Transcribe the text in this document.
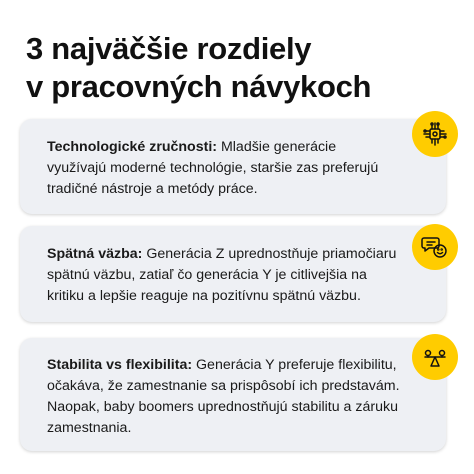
3 najväčšie rozdiely
v pracovných návykoch

Technologické zručnosti: Mladšie generácie
využívajú moderné technológie, staršie zas preferujú
tradičné nástroje a metódy práce.

Spätná väzba: Generácia Z uprednostňuje priamočiaru
spätnú väzbu, zatiaľ čo generácia Y je citlivejšia na
kritiku a lepšie reaguje na pozitívnu spätnú väzbu.

Stabilita vs flexibilita: Generácia Y preferuje flexibilitu,
očakáva, že zamestnanie sa prispôsobí ich predstavám.
Naopak, baby boomers uprednostňujú stabilitu a záruku
zamestnania.
